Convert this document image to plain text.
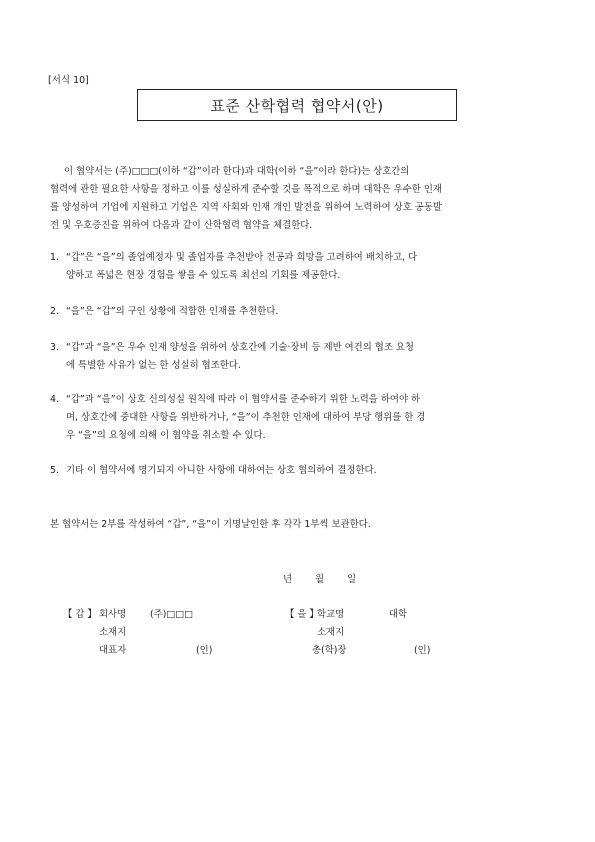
[서식 10]
표준 산학협력 협약서(안)

이 협약서는 (주)□□□(이하 “갑”이라 한다)과 대학(이하 “을”이라 한다)는 상호간의

협력에 관한 필요한 사항을 정하고 이를 성실하게 준수할 것을 목적으로 하며 대학은 우수한 인재

를 양성하여 기업에 지원하고 기업은 지역 사회와 인재 개인 발전을 위하여 노력하여 상호 공동발

전 및 우호증진을 위하여 다음과 같이 산학협력 협약을 체결한다.

1. “갑”은 “을”의 졸업예정자 및 졸업자를 추천받아 전공과 희망을 고려하여 배치하고, 다
양하고 폭넓은 현장 경험을 쌓을 수 있도록 최선의 기회를 제공한다.
2. “을”은 “갑”의 구인 상황에 적합한 인재를 추천한다.
3. “갑”과 “을”은 우수 인재 양성을 위하여 상호간에 기술·장비 등 제반 여건의 협조 요청
에 특별한 사유가 없는 한 성실히 협조한다.
4. “갑”과 “을”이 상호 신의성실 원칙에 따라 이 협약서를 준수하기 위한 노력을 하여야 하
며, 상호간에 중대한 사항을 위반하거나, “을”이 추천한 인재에 대하여 부당 행위를 한 경
우 “을”의 요청에 의해 이 협약을 취소할 수 있다.
5. 기타 이 협약서에 명기되지 아니한 사항에 대하여는 상호 협의하여 결정한다.
본 협약서는 2부를 작성하여 “갑”, “을”이 기명날인한 후 각각 1부씩 보관한다.
년 월 일
【 갑 】 회사명	(주)□□□
소재지
대표자	(인)
【 을 】
학교명	대학
소재지
총(학)장	(인)
